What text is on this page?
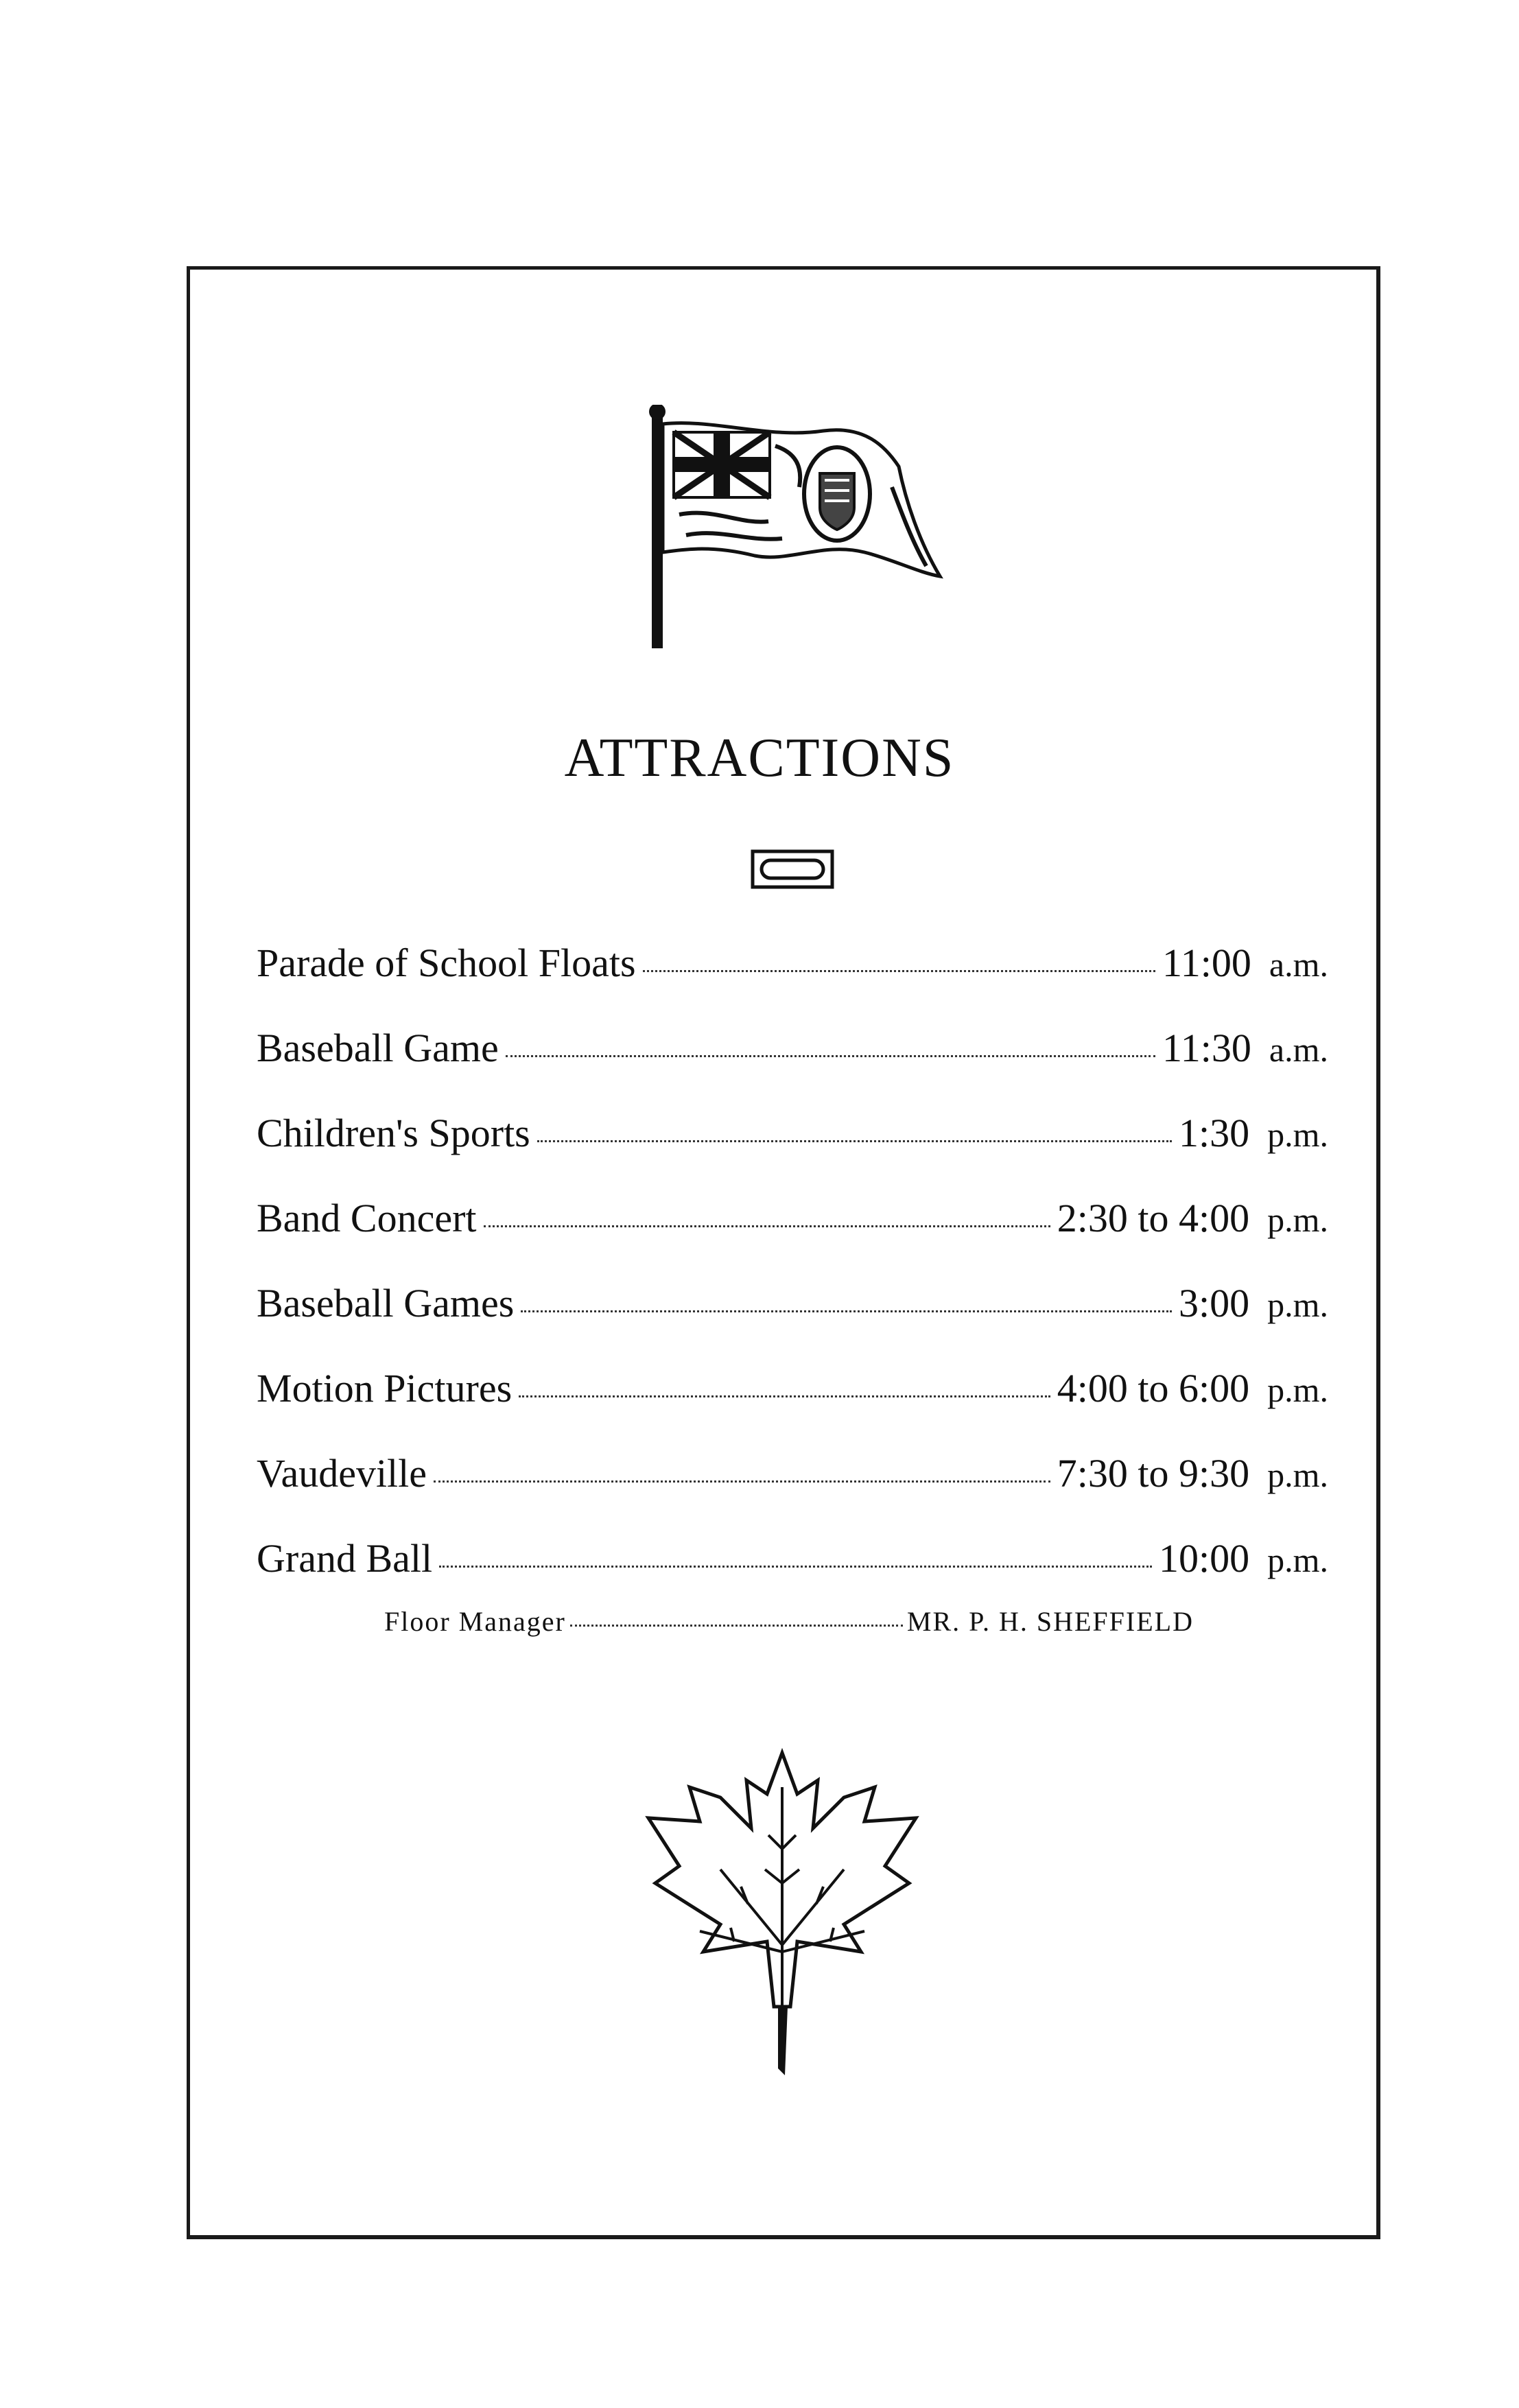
ATTRACTIONS
Parade of School Floats	11:00 a.m.
Baseball Game	11:30 a.m.
Children's Sports	1:30 p.m.
Band Concert	2:30 to 4:00 p.m.
Baseball Games	3:00 p.m.
Motion Pictures	4:00 to 6:00 p.m.
Vaudeville	7:30 to 9:30 p.m.
Grand Ball	10:00 p.m.
Floor Manager	MR. P. H. SHEFFIELD
